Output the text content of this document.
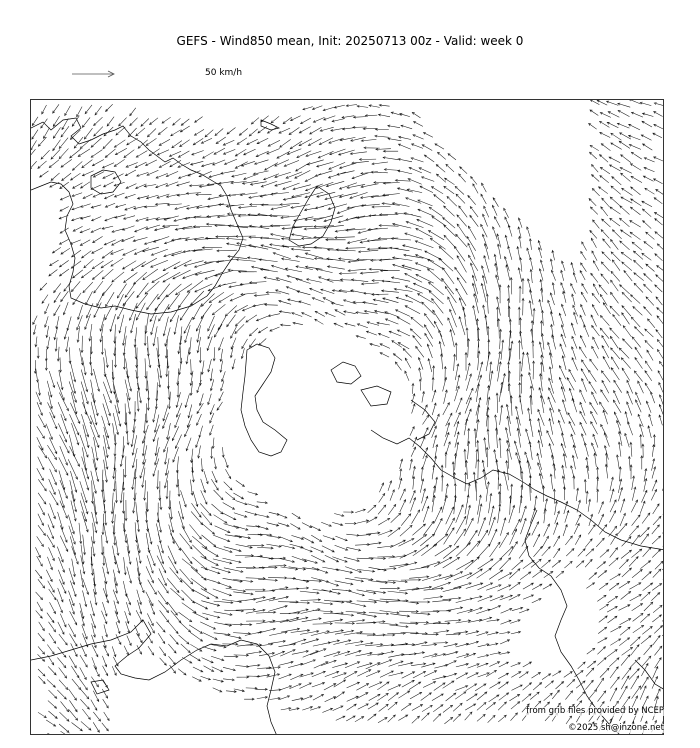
GEFS - Wind850 mean, Init: 20250713 00z - Valid: week 0
50 km/h
from grib files provided by NCEP
©2025 sh@inzone.net
